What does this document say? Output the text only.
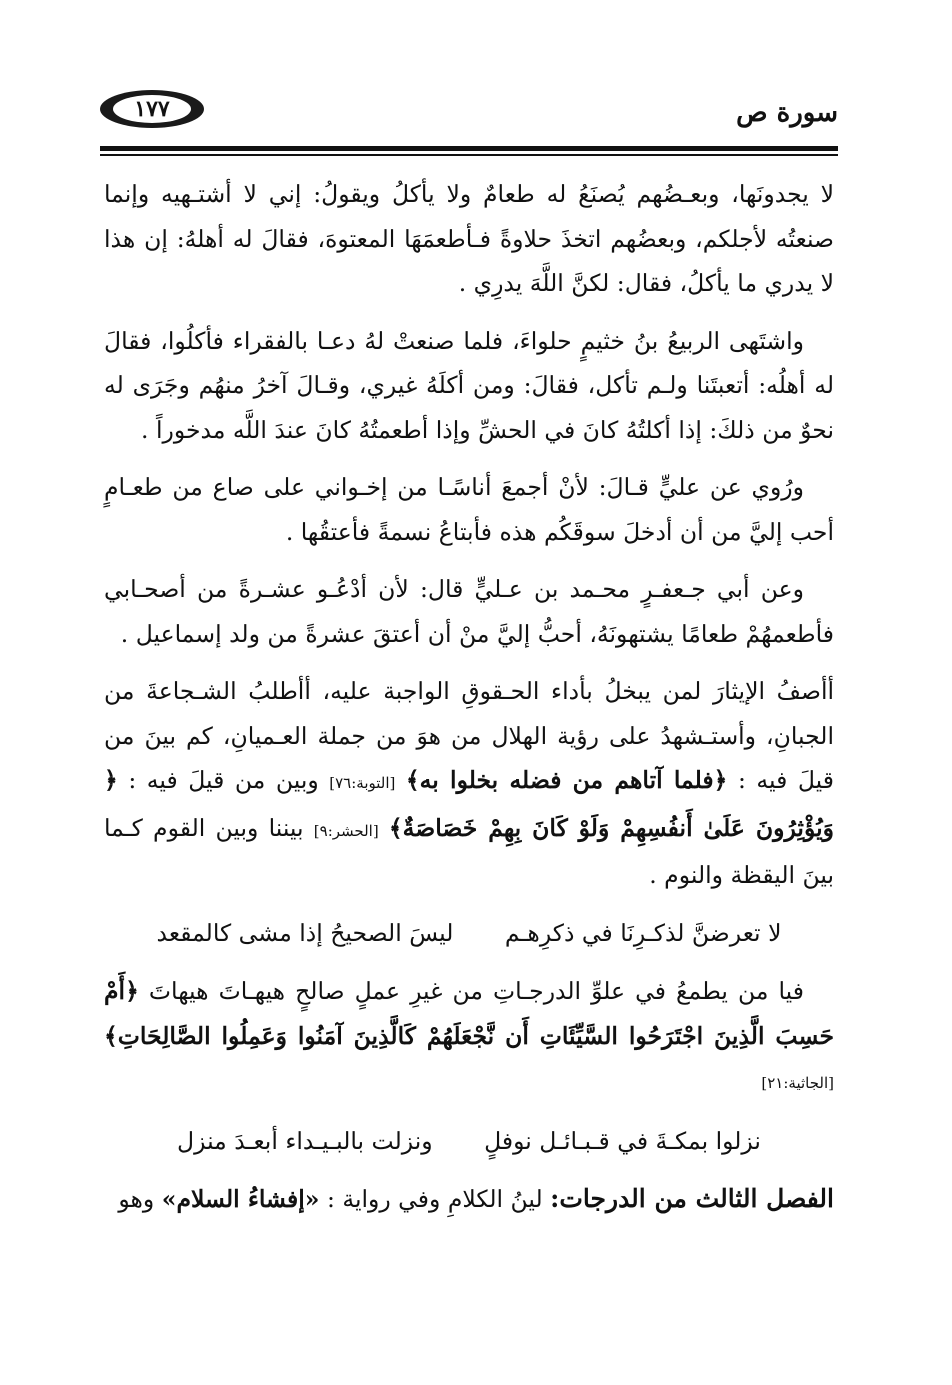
سورة ص
١٧٧

لا يجدونَها، وبعـضُهم يُصنَعُ له طعامٌ ولا يأكلُ ويقولُ: إني لا أشتـهيه وإنما صنعتُه لأجلكم، وبعضُهم اتخذَ حلاوةً فـأطعمَهَا المعتوهَ، فقالَ له أهلهُ: إن هذا لا يدري ما يأكلُ، فقال: لكنَّ اللَّهَ يدرِي .

واشتَهى الربيعُ بنُ خثيمٍ حلواءَ، فلما صنعتْ لهُ دعـا بالفقراء فأكلُوا، فقالَ له أهلُه: أتعبتَنا ولـم تأكل، فقالَ: ومن أكلَهُ غيري، وقـالَ آخرُ منهُم وجَرَى له نحوٌ من ذلكَ: إذا أكلتُهُ كانَ في الحشِّ وإذا أطعمتُهُ كانَ عندَ اللَّه مدخوراً .

ورُوي عن عليٍّ قـالَ: لأنْ أجمعَ أناسًـا من إخـواني على صاع من طعـامٍ أحب إليَّ من أن أدخلَ سوقَكُم هذه فأبتاعُ نسمةً فأعتقُها .

وعن أبي جـعفـرٍ محـمد بن عـليٍّ قال: لأن أدْعُـو عشـرةً من أصحـابي فأطعمهُمْ طعامًا يشتهونَهُ، أحبُّ إليَّ منْ أن أعتقَ عشرةً من ولد إسماعيل .

أأصفُ الإيثارَ لمن يبخلُ بأداء الحـقوقِ الواجبة عليه، أأطلبُ الشـجاعةَ من الجبانِ، وأستـشهدُ على رؤية الهلال من هوَ من جملة العـميانِ، كم بينَ من قيلَ فيه : ﴿فلما آتاهم من فضله بخلوا به﴾ [التوبة:٧٦] وبين من قيلَ فيه : ﴿ وَيُؤْثِرُونَ عَلَىٰ أَنفُسِهِمْ وَلَوْ كَانَ بِهِمْ خَصَاصَةٌ﴾ [الحشر:٩] بيننا وبين القوم كـما بينَ اليقظة والنوم .

لا تعرضنَّ لذكـرِنَا في ذكرِهـم ليسَ الصحيحُ إذا مشى كالمقعد

فيا من يطمعُ في علوِّ الدرجـاتِ من غيرِ عملٍ صالحٍ هيهـاتَ هيهاتَ ﴿أَمْ حَسِبَ الَّذِينَ اجْتَرَحُوا السَّيِّئَاتِ أَن نَّجْعَلَهُمْ كَالَّذِينَ آمَنُوا وَعَمِلُوا الصَّالِحَاتِ﴾ [الجاثية:٢١]

نزلوا بمكـةَ في قـبـائـل نوفلٍ ونزلت بالبـيـداء أبعـدَ منزل

الفصل الثالث من الدرجات: لينُ الكلامِ وفي رواية : «إفشاءُ السلام» وهو
